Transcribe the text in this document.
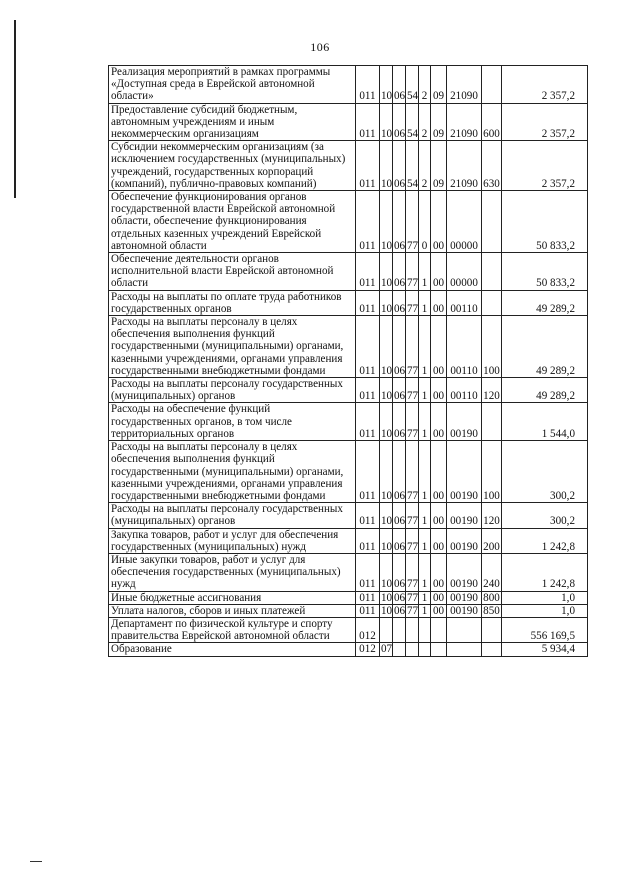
106
Реализация мероприятий в рамках программы «Доступная среда в Еврейской автономной области»	011	10	06	54	2	09	21090		2 357,2
Предоставление субсидий бюджетным, автономным учреждениям и иным некоммерческим организациям	011	10	06	54	2	09	21090	600	2 357,2
Субсидии некоммерческим организациям (за исключением государственных (муниципальных) учреждений, государственных корпораций (компаний), публично-правовых компаний)	011	10	06	54	2	09	21090	630	2 357,2
Обеспечение функционирования органов государственной власти Еврейской автономной области, обеспечение функционирования отдельных казенных учреждений Еврейской автономной области	011	10	06	77	0	00	00000		50 833,2
Обеспечение деятельности органов исполнительной власти Еврейской автономной области	011	10	06	77	1	00	00000		50 833,2
Расходы на выплаты по оплате труда работников государственных органов	011	10	06	77	1	00	00110		49 289,2
Расходы на выплаты персоналу в целях обеспечения выполнения функций государственными (муниципальными) органами, казенными учреждениями, органами управления государственными внебюджетными фондами	011	10	06	77	1	00	00110	100	49 289,2
Расходы на выплаты персоналу государственных (муниципальных) органов	011	10	06	77	1	00	00110	120	49 289,2
Расходы на обеспечение функций государственных органов, в том числе территориальных органов	011	10	06	77	1	00	00190		1 544,0
Расходы на выплаты персоналу в целях обеспечения выполнения функций государственными (муниципальными) органами, казенными учреждениями, органами управления государственными внебюджетными фондами	011	10	06	77	1	00	00190	100	300,2
Расходы на выплаты персоналу государственных (муниципальных) органов	011	10	06	77	1	00	00190	120	300,2
Закупка товаров, работ и услуг для обеспечения государственных (муниципальных) нужд	011	10	06	77	1	00	00190	200	1 242,8
Иные закупки товаров, работ и услуг для обеспечения государственных (муниципальных) нужд	011	10	06	77	1	00	00190	240	1 242,8
Иные бюджетные ассигнования	011	10	06	77	1	00	00190	800	1,0
Уплата налогов, сборов и иных платежей	011	10	06	77	1	00	00190	850	1,0
Департамент по физической культуре и спорту правительства Еврейской автономной области	012								556 169,5
Образование	012	07							5 934,4
